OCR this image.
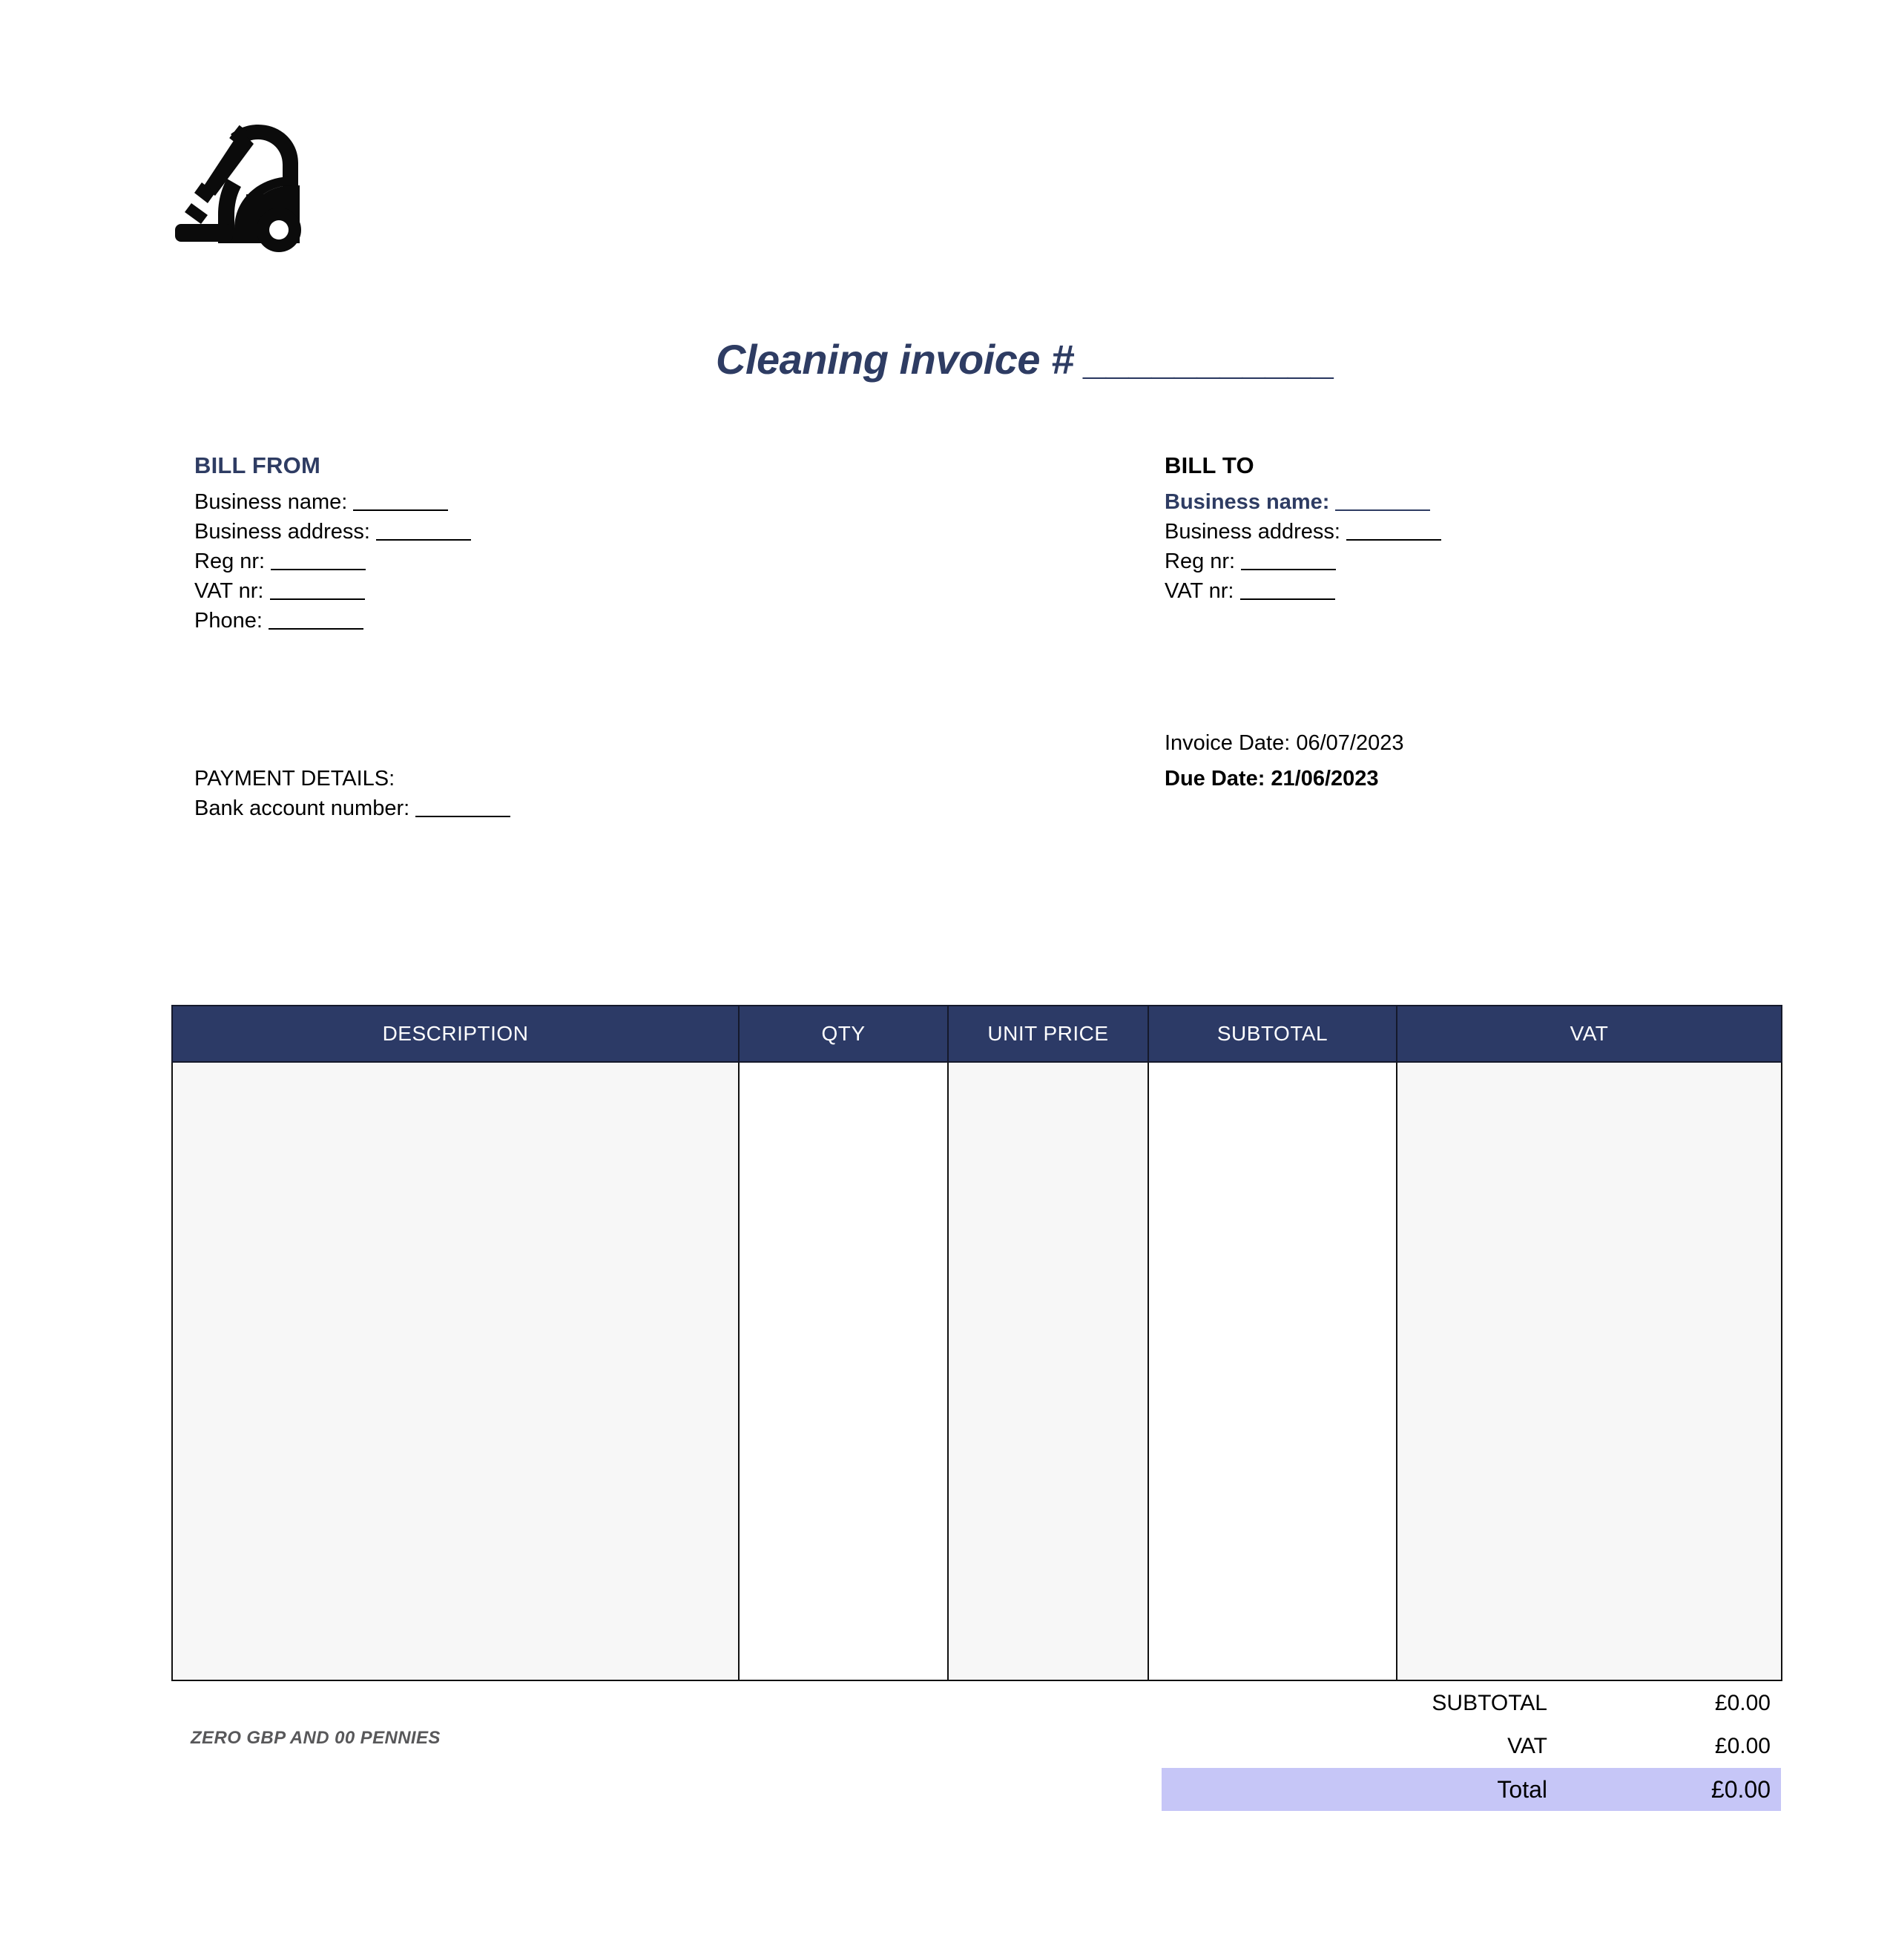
Cleaning invoice # ___________
BILL FROM
Business name:
Business address:
Reg nr:
VAT nr:
Phone:
BILL TO
Business name:
Business address:
Reg nr:
VAT nr:
Invoice Date: 06/07/2023
Due Date: 21/06/2023
PAYMENT DETAILS:
Bank account number:
DESCRIPTION	QTY	UNIT PRICE	SUBTOTAL	VAT

ZERO GBP AND 00 PENNIES
SUBTOTAL	£0.00
VAT	£0.00
Total	£0.00
